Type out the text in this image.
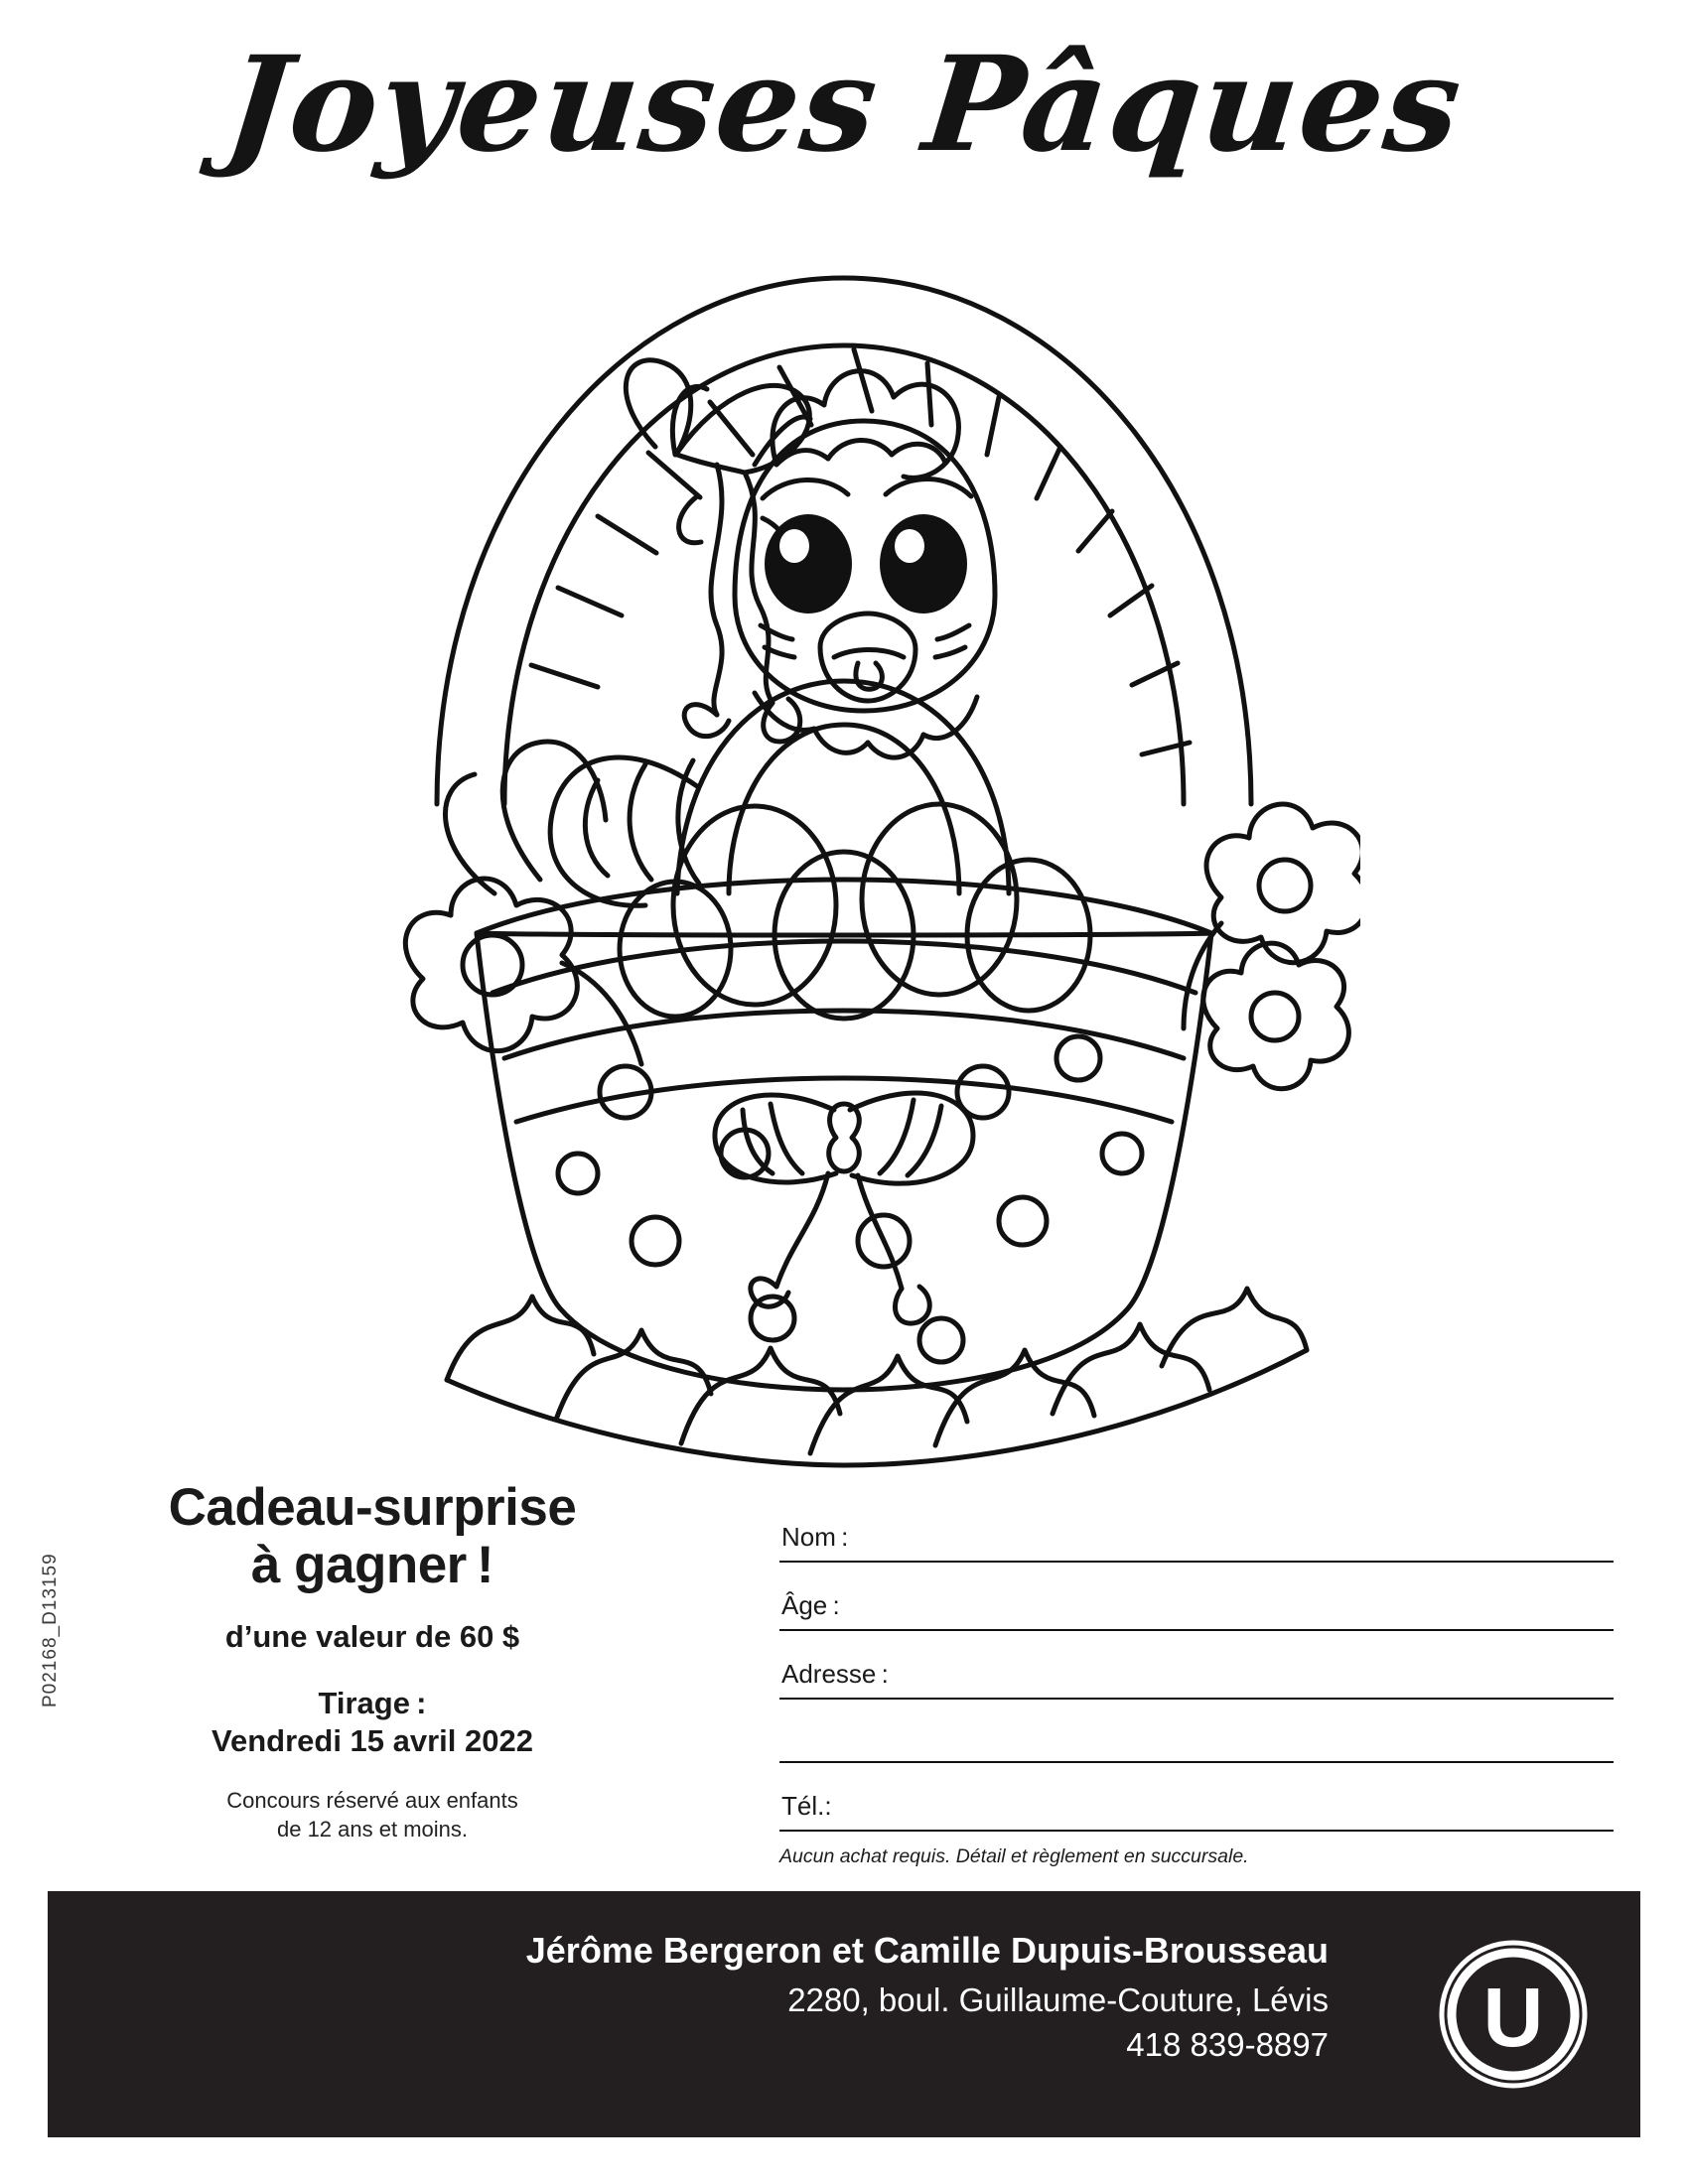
Joyeuses Pâques
P02168_D13159
Cadeau-surprise
à gagner !
d’une valeur de 60 $
Tirage :
Vendredi 15 avril 2022
Concours réservé aux enfants
de 12 ans et moins.
Nom :
Âge :
Adresse :
Tél.:
Aucun achat requis. Détail et règlement en succursale.
Jérôme Bergeron et Camille Dupuis-Brousseau
2280, boul. Guillaume-Couture, Lévis
418 839-8897 U
